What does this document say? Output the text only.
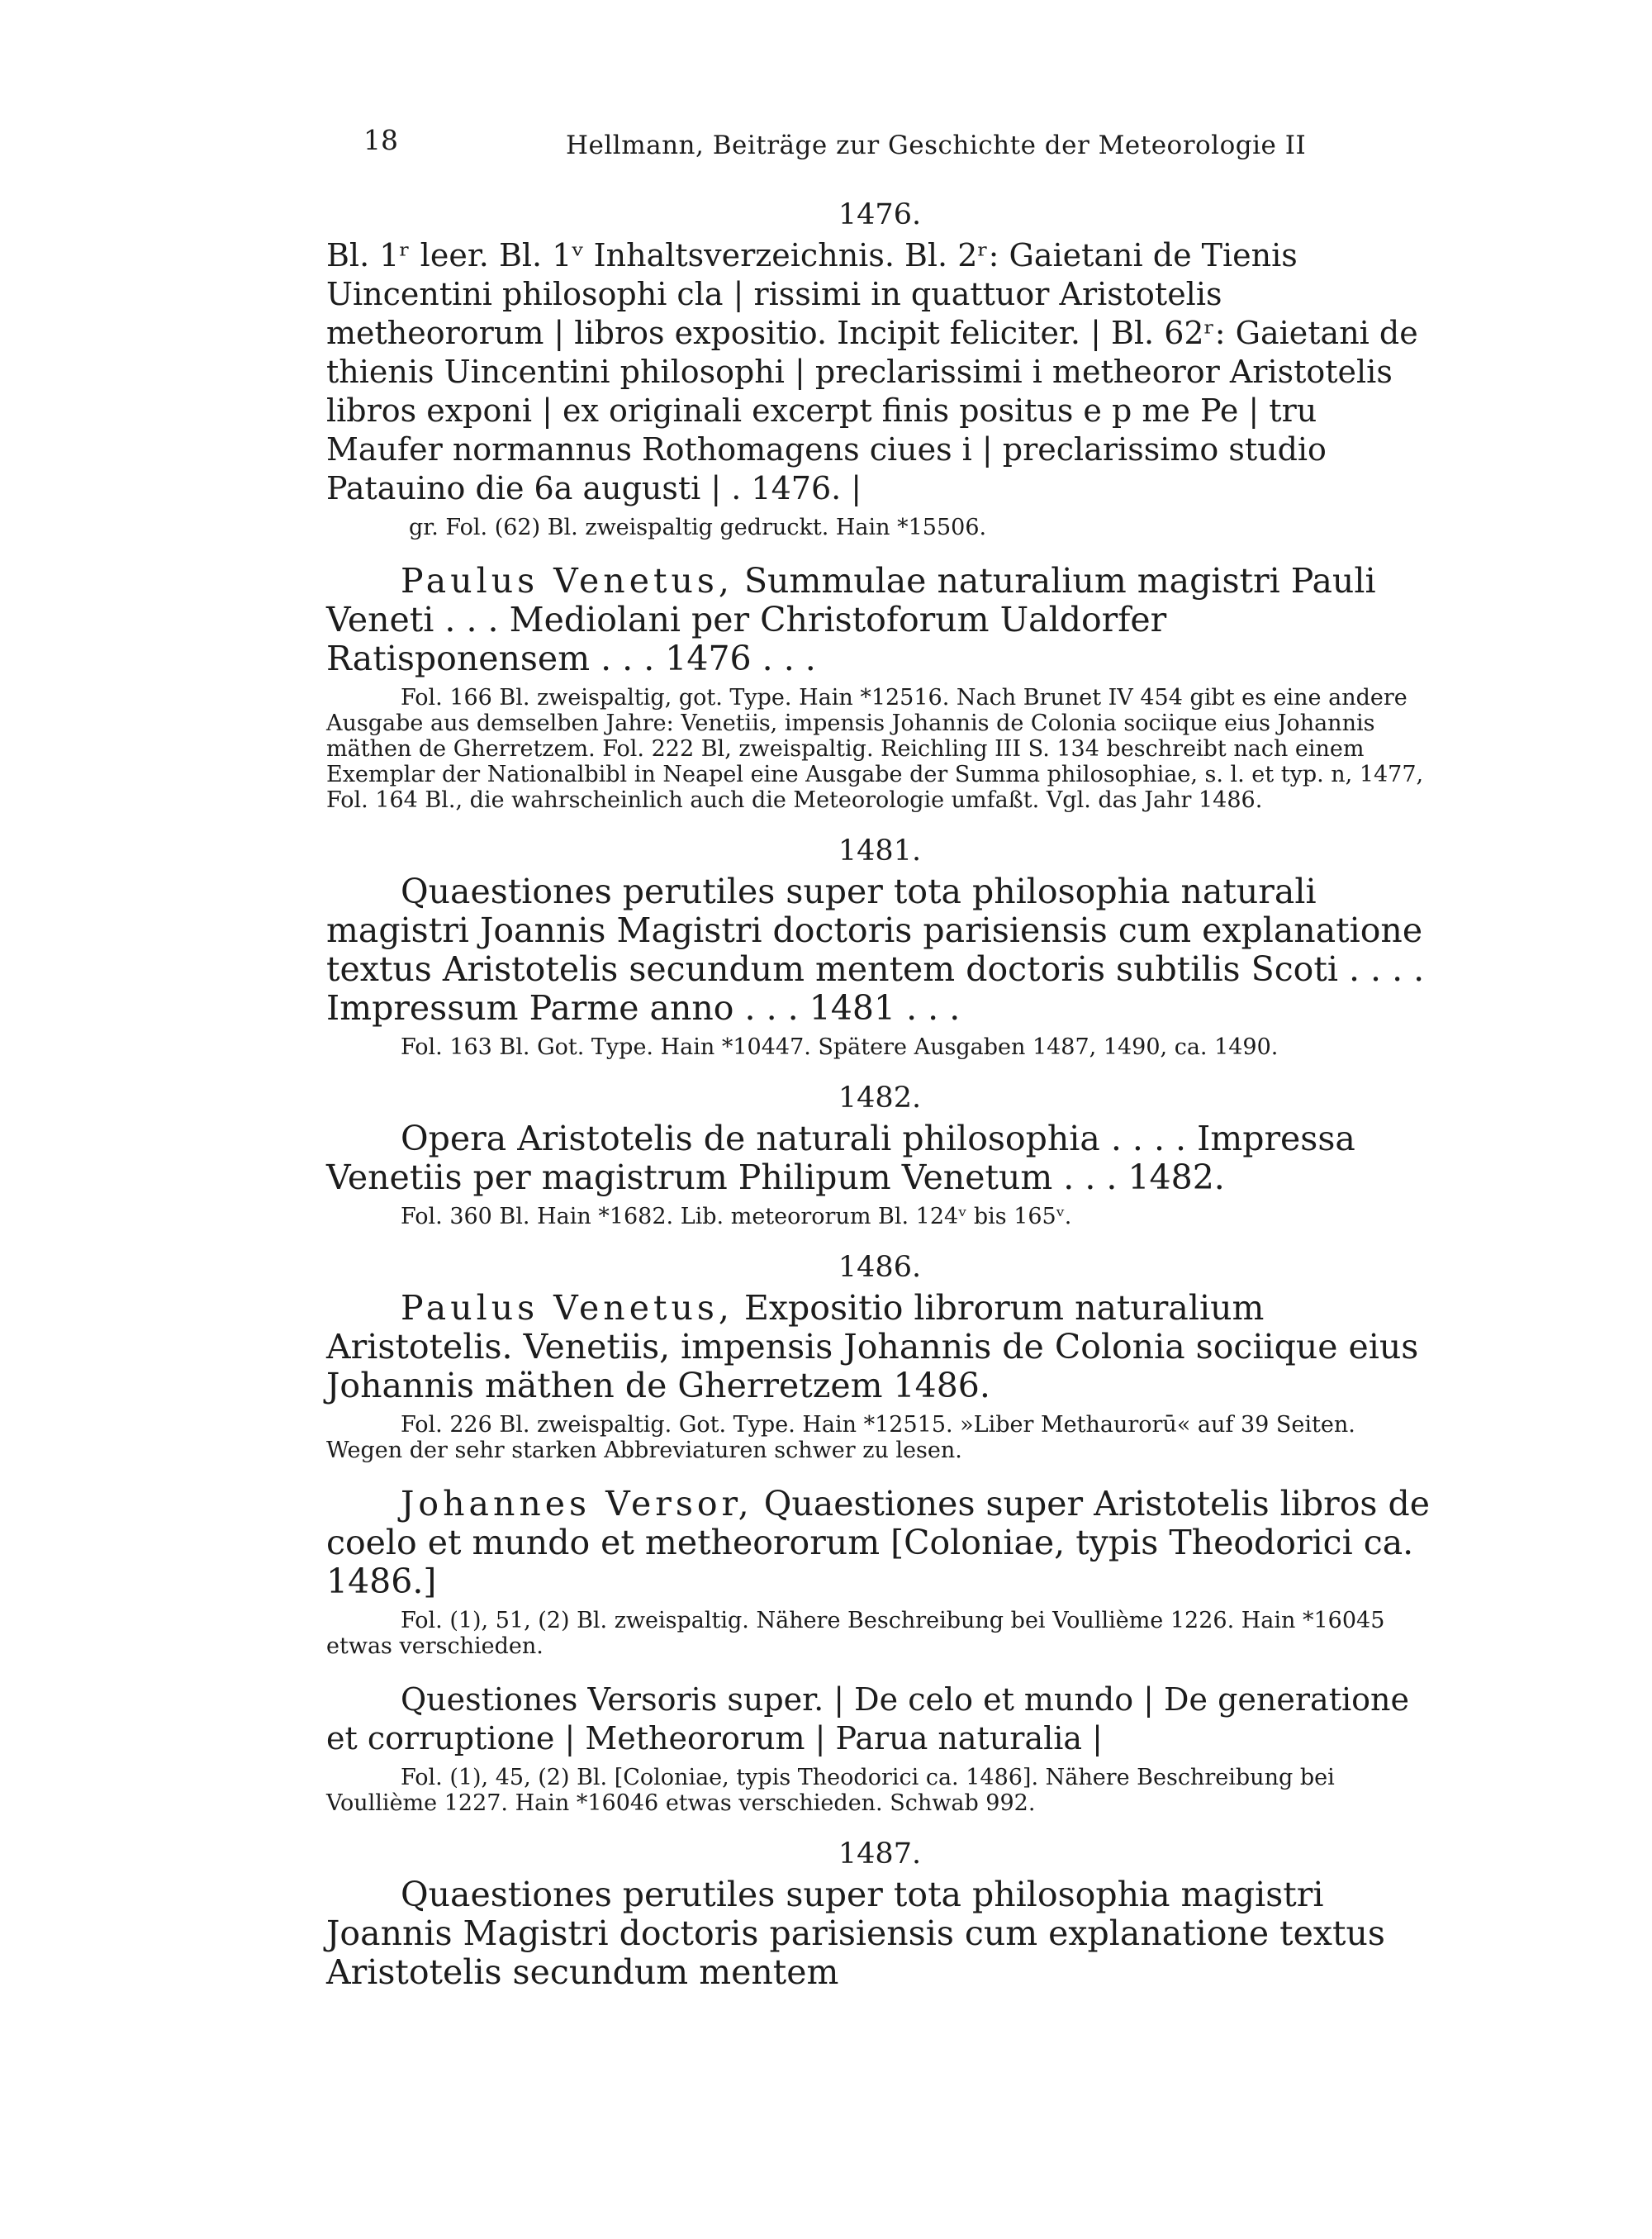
18	Hellmann, Beiträge zur Geschichte der Meteorologie II
1476.

Bl. 1ʳ leer. Bl. 1ᵛ Inhaltsverzeichnis. Bl. 2ʳ: Gaietani de Tienis Uincentini philosophi cla | rissimi in quattuor Aristotelis metheororum | libros expositio. Incipit feliciter. | Bl. 62ʳ: Gaietani de thienis Uincentini philosophi | preclarissimi i metheoror Aristotelis libros exponi | ex originali excerpt finis positus e p me Pe | tru Maufer normannus Rothomagens ciues i | preclarissimo studio Patauino die 6a augusti | . 1476. |

gr. Fol. (62) Bl. zweispaltig gedruckt. Hain *15506.

Paulus Venetus, Summulae naturalium magistri Pauli Veneti . . . Mediolani per Christoforum Ualdorfer Ratisponensem . . . 1476 . . .

Fol. 166 Bl. zweispaltig, got. Type. Hain *12516. Nach Brunet IV 454 gibt es eine andere Ausgabe aus demselben Jahre: Venetiis, impensis Johannis de Colonia sociique eius Johannis mäthen de Gherretzem. Fol. 222 Bl, zweispaltig. Reichling III S. 134 beschreibt nach einem Exemplar der Nationalbibl in Neapel eine Ausgabe der Summa philosophiae, s. l. et typ. n, 1477, Fol. 164 Bl., die wahrscheinlich auch die Meteorologie umfaßt. Vgl. das Jahr 1486.

1481.

Quaestiones perutiles super tota philosophia naturali magistri Joannis Magistri doctoris parisiensis cum explanatione textus Aristotelis secundum mentem doctoris subtilis Scoti . . . . Impressum Parme anno . . . 1481 . . .

Fol. 163 Bl. Got. Type. Hain *10447. Spätere Ausgaben 1487, 1490, ca. 1490.

1482.

Opera Aristotelis de naturali philosophia . . . . Impressa Venetiis per magistrum Philipum Venetum . . . 1482.

Fol. 360 Bl. Hain *1682. Lib. meteororum Bl. 124ᵛ bis 165ᵛ.

1486.

Paulus Venetus, Expositio librorum naturalium Aristotelis. Venetiis, impensis Johannis de Colonia sociique eius Johannis mäthen de Gherretzem 1486.

Fol. 226 Bl. zweispaltig. Got. Type. Hain *12515. »Liber Methaurorū« auf 39 Seiten. Wegen der sehr starken Abbreviaturen schwer zu lesen.

Johannes Versor, Quaestiones super Aristotelis libros de coelo et mundo et metheororum [Coloniae, typis Theodorici ca. 1486.]

Fol. (1), 51, (2) Bl. zweispaltig. Nähere Beschreibung bei Voullième 1226. Hain *16045 etwas verschieden.

Questiones Versoris super. | De celo et mundo | De generatione et corruptione | Metheororum | Parua naturalia |

Fol. (1), 45, (2) Bl. [Coloniae, typis Theodorici ca. 1486]. Nähere Beschreibung bei Voullième 1227. Hain *16046 etwas verschieden. Schwab 992.

1487.

Quaestiones perutiles super tota philosophia magistri Joannis Magistri doctoris parisiensis cum explanatione textus Aristotelis secundum mentem
